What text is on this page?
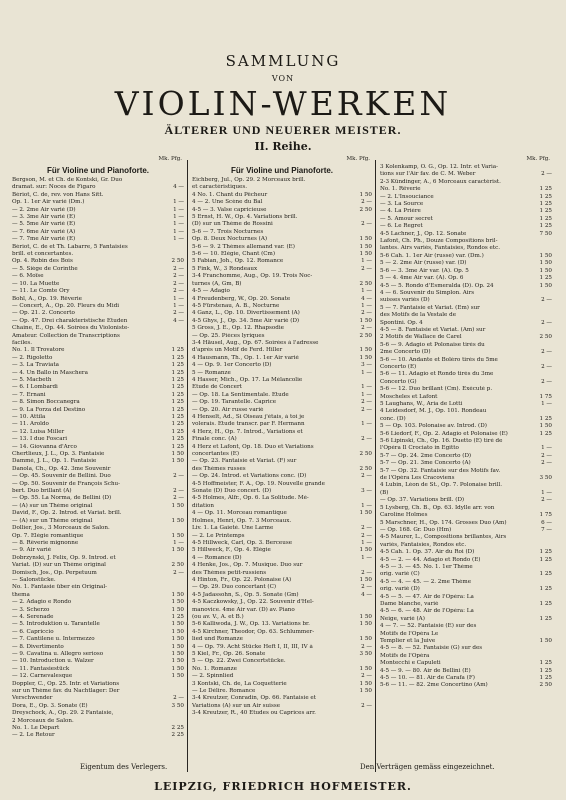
SAMMLUNG
VON
VIOLIN-WERKEN
ÄLTERER UND NEUERER MEISTER.
II. Reihe.
Mk. Pfg.
Für Violine und Pianoforte.
Bergson, M. et Ch. de Kontski, Gr. Duo
dramat. sur: Noces de Figaro	4 —
Bériot, C. de, rev. von Hans Sitt.
Op. 1. 1er Air varié (Dm.)	1 —
— 2. 2me Air varié (D)	1 —
— 3. 3me Air varié (E)	1 —
— 5. 5me Air varié (E)	1 —
— 7. 6me Air varié (A)	1 —
— 7. 7me Air varié (E)	1 —
Bériot, C. de et Th. Labarre, 5 Fantaisies
brill. et concertantes.
Op. 4. Robin des Bois	2 50
— 5. Siège de Corinthe	2 —
— 6. Moïse	2 —
— 10. La Muette	2 —
— 11. Le Comte Ory	2 —
Bohl, A., Op. 19. Rêverie	1 —
— Concert, A., Op. 20. Fleurs du Midi	1 —
— Op. 21. 2. Concerto	2 —
— Op. 47. Drei charakteristische Etuden	4 —
Chaine, E., Op. 44. Soirées du Violoniste-
Amateur. Collection de Transcriptions
faciles.
No. 1. Il Trovatore	1 25
— 2. Rigoletto	1 25
— 3. La Traviata	1 25
— 4. Un Ballo in Maschera	1 25
— 5. Macbeth	1 25
— 6. I Lombardi	1 25
— 7. Ernani	1 25
— 8. Simon Boccanegra	1 25
— 9. La Forza del Destino	1 25
— 10. Attila	1 25
— 11. Aroldo	1 25
— 12. Luisa Miller	1 25
— 13. I due Foscari	1 25
— 14. Giovanna d'Arco	1 25
Chertlieux, J. L., Op. 3. Fantaisie	1 50
Dammé, J. L., Op. 1. Fantaisie	1 50
Danola, Ch., Op. 42. 3me Souvenir
— Op. 45. Souvenir de Bellini. Duo	2 —
— Op. 50. Souvenir de François Schu-
bert. Duo brillant (A)	2 —
— Op. 55. La Norma, de Bellini (D)	2 —
— (A) sur un Thème original	1 50
David, F., Op. 2. Introd. et Variat. brill.
— (A) sur un Thème original	1 50
Dollier, Jos., 3 Morceaux de Salon.
Op. 7. Élégie romantique	1 50
— 8. Rêverie mignonne	1 —
— 9. Air varié	1 50
Dobrzynski, J. Felix, Op. 9. Introd. et
Variat. (D) sur un Thème original	2 50
Domisch, Jos., Op. Perpetuum	2 —
— Salonstücke.
No. 1. Fantasie über ein Original-
thema	1 50
— 2. Adagio e Rondo	1 50
— 3. Scherzo	1 50
— 4. Serenade	1 25
— 5. Introduktion u. Tarantelle	1 50
— 6. Capriccio	1 50
— 7. Cantilene u. Intermezzo	1 50
— 8. Divertimento	1 50
— 9. Cavatina u. Allegro serioso	1 50
— 10. Introduction u. Walzer	1 50
— 11. Fantasiestück	1 50
— 12. Carnevalesque	1 50
Doppler, C., Op. 25. Intr. et Variations
sur un Thème fav. du Nachtlager: Der
Verschwender	2 —
Dora, E., Op. 3. Sonate (E)	3 50
Dreyschock, A., Op. 29. 2 Fantaisie,
2 Morceaux de Salon.
No. 1. Le Départ	2 25
— 2. Le Retour	2 25
Mk. Pfg.
Für Violine und Pianoforte.
Eichberg, Jul., Op. 29. 2 Morceaux brill.
et caractéristiques.
4 No. 1. Chant du Pêcheur	1 50
4 — 2. Une Scène du Bal	2 —
4-5 — 3. Valse capricieuse	2 50
5 Ernst, H. W., Op. 4. Variations brill.
(D) sur un Thème de Rossini	2 —
5-6 — 7. Trois Nocturnes
Op. 8. Deux Nocturnes (A)	1 50
5-6 — 9. 2 Thèmes allemand var. (E)	1 50
5-6 — 10. Élégie, Chant (Cm)	1 50
5 Fabian, Joh., Op. 12. Romance	1 —
5 Fink, W., 3 Rondeaux	2 —
3-4 Franchomme, Aug., Op. 19. Trois Noc-
turnes (A, Gm, B)	2 50
4-5 — Adagio	1 —
4 Freudenberg, W., Op. 20. Sonate	4 —
4-5 Fürstenau, A. B., Nocturne	1 —
4 Ganz, L., Op. 10. Divertissement (A)	2 —
4-5 Ghys, J., Op. 34. 5me Air varié (D)	1 50
5 Gross, J. E., Op. 12. Rhapsodie	2 —
— Op. 25. Pièces lyriques	2 50
3-4 Häusel, Aug., Op. 67. Soirées à l'adresse
d'après un Motif de Ferd. Hiller	1 50
4 Hausmann, Th., Op. 1. 1er Air varié	1 50
4 — Op. 9. 1er Concerto (D)	3 —
5 — Romanze	1 —
4 Hasser, Mich., Op. 17. La Mélancolie
Étude de Concert	1 —
— Op. 18. La Sentimentale. Étude	1 —
— Op. 19. Tarantelle. Caprice	2 —
— Op. 20. Air russe varié	2 —
4 Henselt, Ad., Si Oiseau j'étais, à toi je
volerais. Étude transcr. par F. Hermann	1 —
4 Herz, H., Op. 7. Introd., Variations et
Finale conc. (A)	2 —
4 Herz et Lafont, Op. 18. Duo et Variations
concertantes (E)	2 50
— Op. 23. Fantaisie et Variat. (F) sur
des Thèmes russes	2 50
— Op. 24. Introd. et Variations conc. (D)	2 —
4-5 Hoffmeister, F. A., Op. 19. Nouvelle grande
Sonate (D) Duo concert. (D)	3 —
4-5 Holmes, Alfr., Op. 6. La Solitude. Mé-
ditation	1 —
4 — Op. 11. Morceau romantique	1 50
Holmes, Henri, Op. 7. 3 Morceaux.
Liv. 1. La Gaieté. Une Larme	2 —
— 2. Le Printemps	2 —
4-5 Hillweck, Carl, Op. 3. Berceuse	1 —
5 Hillweck, F., Op. 4. Élégie	1 50
4 — Romance (D)	1 —
4 Henke, Jos., Op. 7. Musique. Duo sur
des Thèmes petit-russiens	2 —
4 Hinton, Fr., Op. 22. Polonaise (A)	1 50
— Op. 29. Duo concertant (C)	2 —
4-5 Jadassohn, S., Op. 5. Sonate (Gm)	4 —
4-5 Kaczkowsky, J., Op. 22. Souvenir d'Hel-
manovice. 4me Air var. (D) av. Piano
(ou av. V., A. et B.)	1 50
5-6 Kalliwoda, J. W., Op. 13. Variations br.	1 50
4-5 Kirchner, Theodor, Op. 63. Schlummer-
lied und Romanze	1 50
4 — Op. 79. Acht Stücke Heft I, II, III, IV à	2 —
5 Kiel, Fr., Op. 26. Sonate	3 50
5 — Op. 22. Zwei Concertstücke.
No. 1. Romanze	1 50
— 2. Spinnlied	2 —
3 Kontski, Ch. de, La Coquetterie	1 50
— Le Délire. Romance	1 50
3-4 Kreutzer, Conradin, Op. 66. Fantaisie et
Variations (A) sur un Air suisse	2 —
3-4 Kreutzer, R., 40 Études ou Caprices arr.
Mk. Pfg.
3 Kolenkamp, O. G., Op. 12. Intr. et Varia-
tions sur l'Air fav. de C. M. Weber	2 —
2-3 Kündinger, A., 6 Morceaux caractérist.
No. 1. Rêverie	1 25
— 2. L'Insouciance	1 25
— 3. La Source	1 25
— 4. La Prière	1 25
— 5. Amour secret	1 25
— 6. Le Regret	1 25
4-5 Lachner, J., Op. 12. Sonate	7 50
Lafont, Ch. Ph., Douze Compositions bril-
lantes. Airs variés, Fantaisies, Rondos etc.
5-6 Cah. 1. 1er Air (russe) var. (Dm.)	1 50
5 — 2. 2me Air (russe) var. (D)	1 50
5-6 — 3. 3me Air var. (A). Op. 5	1 50
5 — 4. 4me Air var. (A). Op. 6	1 25
4-5 — 5. Rondo d'Esmeralda (D). Op. 24	1 50
4 — 6. Souvenir du Simplon. Airs
suisses variés (D)	2 —
5 — 7. Fantaisie et Variat. (Em) sur
des Motifs de la Vestale de
Spontini. Op. 4	2 —
4-5 — 8. Fantaisie et Variat. (Am) sur
2 Motifs de Wallace de Carel	2 50
5-6 — 9. Adagio et Polonaise tirés du
2me Concerto (D)	2 —
5-6 — 10. Andante et Boléro tirés du 5me
Concerto (E)	2 —
5-6 — 11. Adagio et Rondo tirés du 3me
Concerto (G)	2 —
5-6 — 12. Duo brillant (Cm). Exécuté p.
Moscheles et Lafont	1 75
5 Laughans, W., Aria de Lotti	1 —
4 Leidesdorf, M. J., Op. 101. Rondeau
conc. (D)	1 25
5 — Op. 103. Polonaise av. Introd. (D)	1 50
5-6 Liedorf, F., Op. 2. Adagio et Polonaise (E)	1 25
5-6 Lipinski, Ch., Op. 16. Duetto (E) tiré de
l'Opéra Il Crociato in Egitto	1 —
5-7 — Op. 24. 2me Concerto (D)	2 —
5-7 — Op. 21. 3me Concerto (A)	2 —
5-7 — Op. 32. Fantaisie sur des Motifs fav.
de l'Opéra Les Cracoviens	3 50
4 Lubin, Léon de St., Op. 7. Polonaise brill.
(B)	1 —
— Op. 37. Variations brill. (D)	2 —
5 Lysberg, Ch. B., Op. 63. Idylle arr. von
Caroline Holmes	1 75
5 Marschner, H., Op. 174. Grosses Duo (Am)	6 —
— Op. 168. Gr. Duo (Hm)	7 —
4-5 Maurer, L., Compositions brillantes, Airs
variés, Fantaisies, Rondos etc.
4-5 Cah. 1. Op. 37. Air du Roi (D)	1 25
4-5 — 2. — 44. Adagio et Rondo (E)	1 25
4-5 — 3. — 45. No. 1. 1er Thème
orig. varié (C)	1 25
4-5 — 4. — 45. — 2. 2me Thème
orig. varié (D)	1 25
4-5 — 5. — 47. Air de l'Opéra: La
Dame blanche, varié	1 25
4-5 — 6. — 48. Air de l'Opéra: La
Neige, varié (A)	1 25
4 — 7. — 52. Fantaisie (E) sur des
Motifs de l'Opéra Le
Templier et la Juive	1 50
4-5 — 8. — 52. Fantaisie (G) sur des
Motifs de l'Opéra
Montecchi e Capuleti	1 25
4-5 — 9. — 80. Air de Bellini (E)	1 25
4-5 — 10. — 81. Air de Carafa (F)	1 25
5-6 — 11. — 82. 2me Concertino (Am)	2 50
Eigentum des Verlegers.	Den Verträgen gemäss eingezeichnet.
LEIPZIG, FRIEDRICH HOFMEISTER.
